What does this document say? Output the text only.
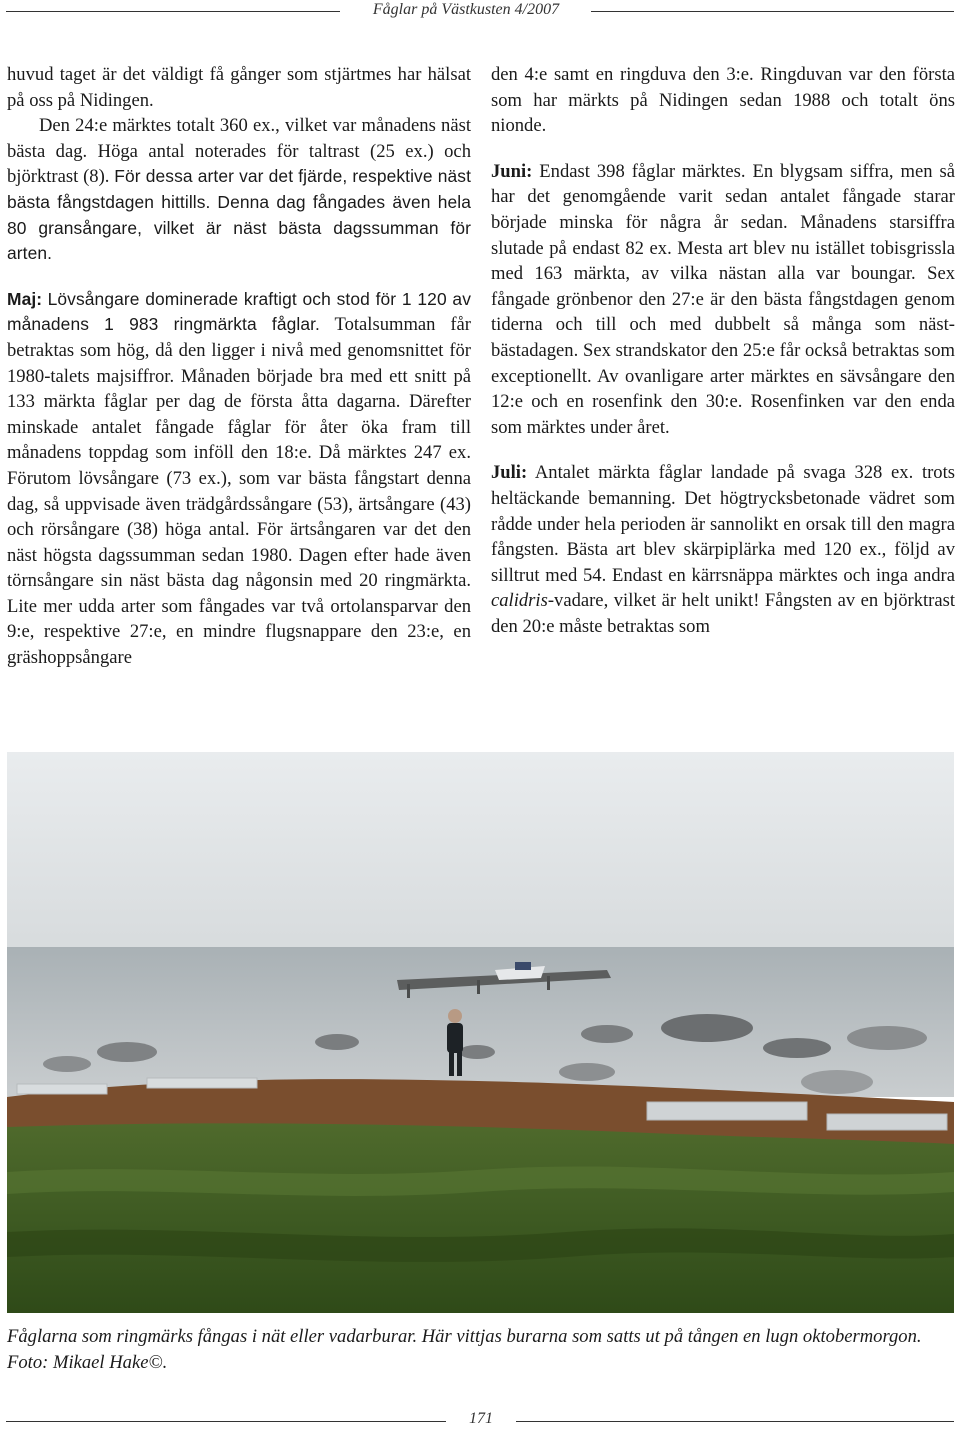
Fåglar på Västkusten 4/2007

huvud taget är det väldigt få gånger som stjärtmes har hälsat på oss på Nidingen.

Den 24:e märktes totalt 360 ex., vilket var månadens näst bästa dag. Höga antal noterades för taltrast (25 ex.) och björktrast (8). För dessa arter var det fjärde, respektive näst bästa fångstdagen hittills. Denna dag fångades även hela 80 gransångare, vilket är näst bästa dagssumman för arten.

Maj: Lövsångare dominerade kraftigt och stod för 1 120 av månadens 1 983 ringmärkta fåglar. Totalsumman får betraktas som hög, då den ligger i nivå med genomsnittet för 1980-talets majsiffror. Månaden började bra med ett snitt på 133 märkta fåglar per dag de första åtta dagarna. Därefter minskade antalet fångade fåglar för åter öka fram till månadens toppdag som inföll den 18:e. Då märktes 247 ex. Förutom lövsångare (73 ex.), som var bästa fångstart denna dag, så uppvisade även trädgårdssångare (53), ärtsångare (43) och rörsångare (38) höga antal. För ärtsångaren var det den näst högsta dagssumman sedan 1980. Dagen efter hade även törnsångare sin näst bästa dag någonsin med 20 ringmärkta. Lite mer udda arter som fångades var två ortolansparvar den 9:e, respektive 27:e, en mindre flugsnappare den 23:e, en gräshoppsångare

den 4:e samt en ringduva den 3:e. Ringduvan var den första som har märkts på Nidingen sedan 1988 och totalt öns nionde.

Juni: Endast 398 fåglar märktes. En blygsam siffra, men så har det genomgående varit sedan antalet fångade starar började minska för några år sedan. Månadens starsiffra slutade på endast 82 ex. Mesta art blev nu istället tobisgrissla med 163 märkta, av vilka nästan alla var boungar. Sex fångade grönbenor den 27:e är den bästa fångstdagen genom tiderna och till och med dubbelt så många som näst-bästadagen. Sex strandskator den 25:e får också betraktas som exceptionellt. Av ovanligare arter märktes en sävsångare den 12:e och en rosenfink den 30:e. Rosenfinken var den enda som märktes under året.

Juli: Antalet märkta fåglar landade på svaga 328 ex. trots heltäckande bemanning. Det högtrycksbetonade vädret som rådde under hela perioden är sannolikt en orsak till den magra fångsten. Bästa art blev skärpiplärka med 120 ex., följd av silltrut med 54. Endast en kärrsnäppa märktes och inga andra calidris-vadare, vilket är helt unikt! Fångsten av en björktrast den 20:e måste betraktas som

Fåglarna som ringmärks fångas i nät eller vadarburar. Här vittjas burarna som satts ut på tången en lugn oktobermorgon. Foto: Mikael Hake©.
171
